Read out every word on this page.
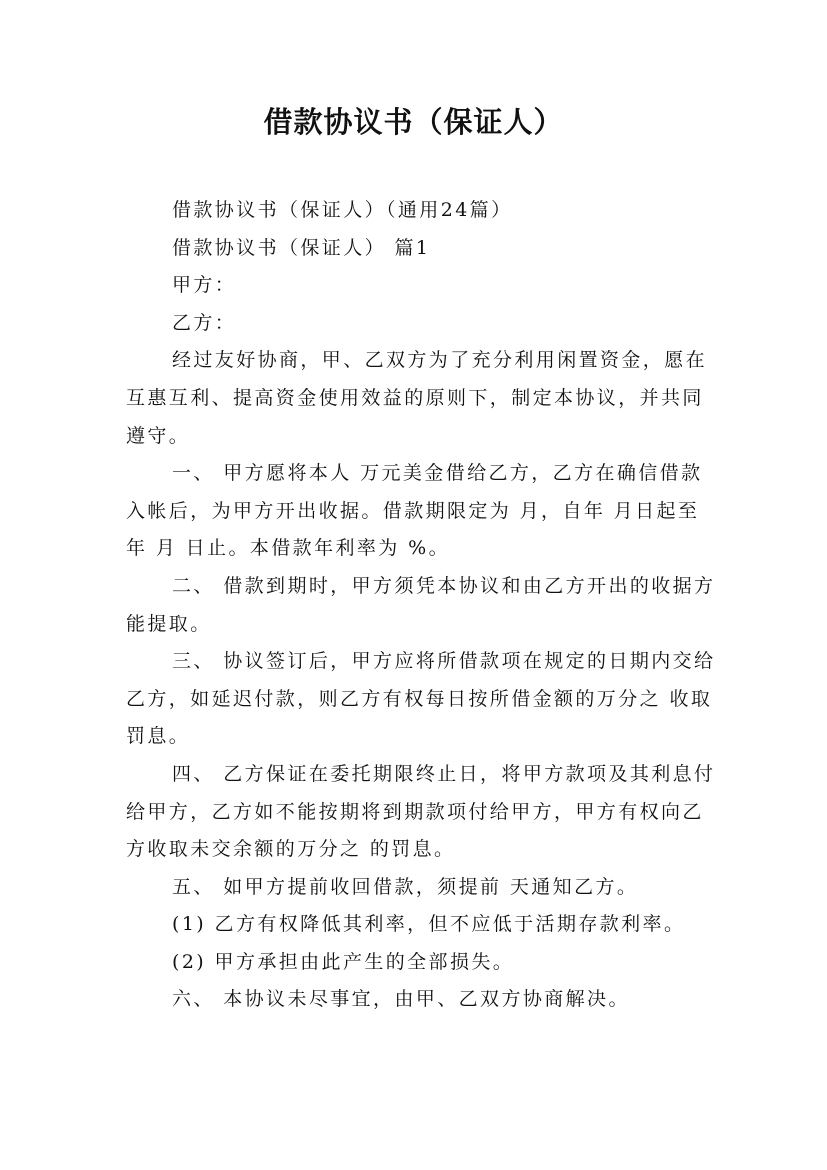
借款协议书（保证人）

借款协议书（保证人）（通用24篇）

借款协议书（保证人） 篇1

甲方：

乙方：

经过友好协商，甲、乙双方为了充分利用闲置资金，愿在互惠互利、提高资金使用效益的原则下，制定本协议，并共同遵守。

一、 甲方愿将本人 万元美金借给乙方，乙方在确信借款入帐后，为甲方开出收据。借款期限定为 月，自年 月日起至 年 月 日止。本借款年利率为 %。

二、 借款到期时，甲方须凭本协议和由乙方开出的收据方能提取。

三、 协议签订后，甲方应将所借款项在规定的日期内交给乙方，如延迟付款，则乙方有权每日按所借金额的万分之 收取罚息。

四、 乙方保证在委托期限终止日，将甲方款项及其利息付给甲方，乙方如不能按期将到期款项付给甲方，甲方有权向乙方收取未交余额的万分之 的罚息。

五、 如甲方提前收回借款，须提前 天通知乙方。

(1) 乙方有权降低其利率，但不应低于活期存款利率。

(2) 甲方承担由此产生的全部损失。

六、 本协议未尽事宜，由甲、乙双方协商解决。
